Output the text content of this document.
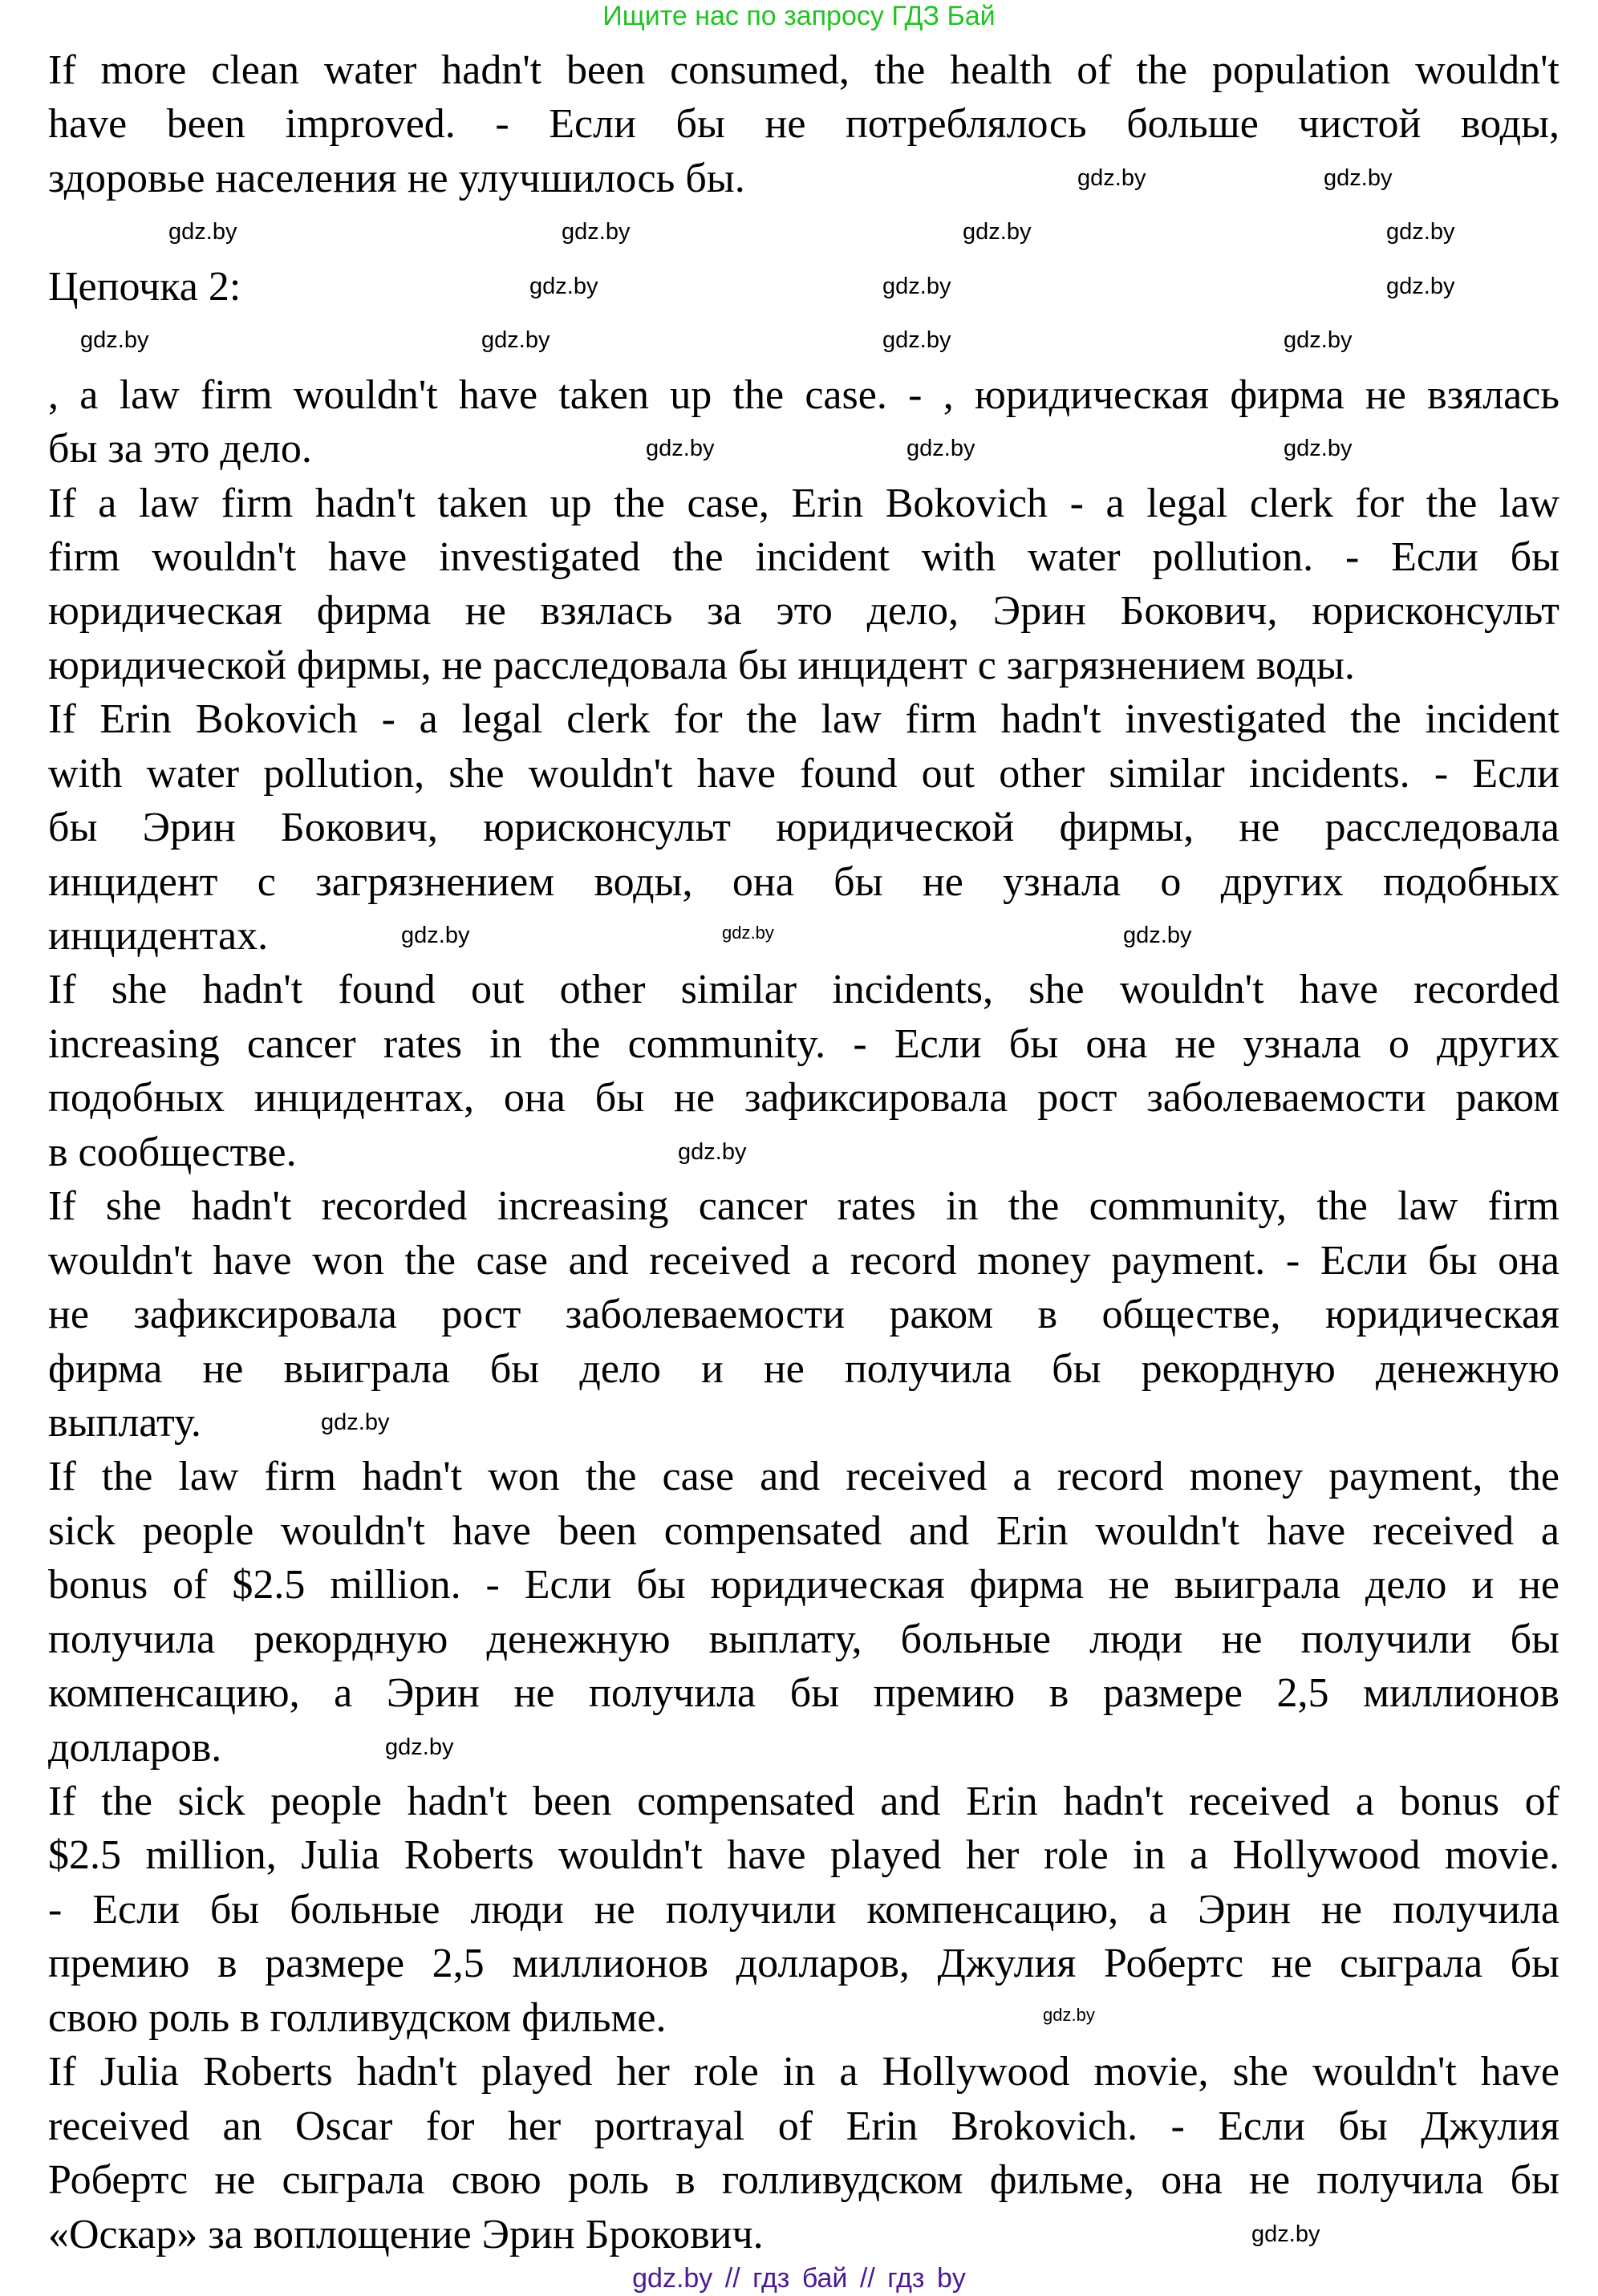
Ищите нас по запросу ГДЗ Бай
If more clean water hadn't been consumed, the health of the population wouldn't
have been improved. - Если бы не потреблялось больше чистой воды,
здоровье населения не улучшилось бы.
Цепочка 2:
, a law firm wouldn't have taken up the case. - , юридическая фирма не взялась
бы за это дело.
If a law firm hadn't taken up the case, Erin Bokovich - a legal clerk for the law
firm wouldn't have investigated the incident with water pollution. - Если бы
юридическая фирма не взялась за это дело, Эрин Бокович, юрисконсульт
юридической фирмы, не расследовала бы инцидент с загрязнением воды.
If Erin Bokovich - a legal clerk for the law firm hadn't investigated the incident
with water pollution, she wouldn't have found out other similar incidents. - Если
бы Эрин Бокович, юрисконсульт юридической фирмы, не расследовала
инцидент с загрязнением воды, она бы не узнала о других подобных
инцидентах.
If she hadn't found out other similar incidents, she wouldn't have recorded
increasing cancer rates in the community. - Если бы она не узнала о других
подобных инцидентах, она бы не зафиксировала рост заболеваемости раком
в сообществе.
If she hadn't recorded increasing cancer rates in the community, the law firm
wouldn't have won the case and received a record money payment. - Если бы она
не зафиксировала рост заболеваемости раком в обществе, юридическая
фирма не выиграла бы дело и не получила бы рекордную денежную
выплату.
If the law firm hadn't won the case and received a record money payment, the
sick people wouldn't have been compensated and Erin wouldn't have received a
bonus of $2.5 million. - Если бы юридическая фирма не выиграла дело и не
получила рекордную денежную выплату, больные люди не получили бы
компенсацию, а Эрин не получила бы премию в размере 2,5 миллионов
долларов.
If the sick people hadn't been compensated and Erin hadn't received a bonus of
$2.5 million, Julia Roberts wouldn't have played her role in a Hollywood movie.
- Если бы больные люди не получили компенсацию, а Эрин не получила
премию в размере 2,5 миллионов долларов, Джулия Робертс не сыграла бы
свою роль в голливудском фильме.
If Julia Roberts hadn't played her role in a Hollywood movie, she wouldn't have
received an Oscar for her portrayal of Erin Brokovich. - Если бы Джулия
Робертс не сыграла свою роль в голливудском фильме, она не получила бы
«Оскар» за воплощение Эрин Брокович.
gdz.by	gdz.by
gdz.by	gdz.by	gdz.by	gdz.by
gdz.by	gdz.by	gdz.by
gdz.by	gdz.by	gdz.by	gdz.by
gdz.by	gdz.by	gdz.by
gdz.by	gdz.by	gdz.by
gdz.by
gdz.by
gdz.by
gdz.by
gdz.by
gdz.by // гдз бай // гдз by
